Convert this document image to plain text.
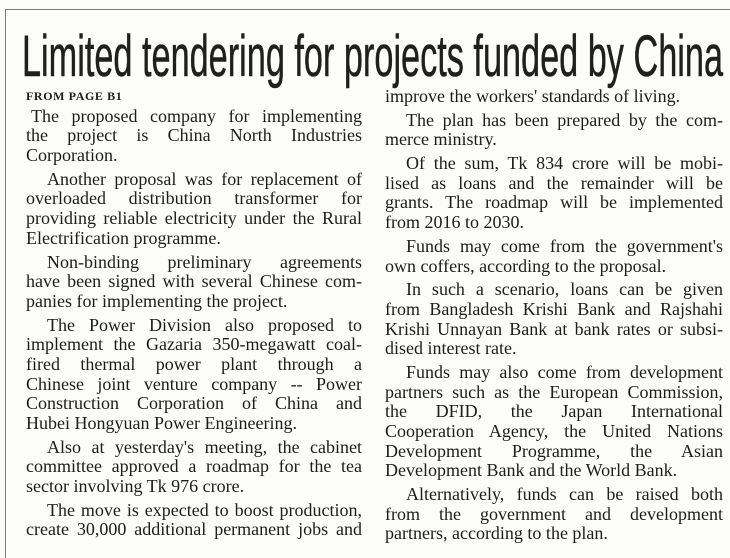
Limited tendering for projects funded by China
FROM PAGE B1
The proposed company for implementing
the project is China North Industries
Corporation.
Another proposal was for replacement of
overloaded distribution transformer for
providing reliable electricity under the Rural
Electrification programme.
Non-binding preliminary agreements
have been signed with several Chinese com-
panies for implementing the project.
The Power Division also proposed to
implement the Gazaria 350-megawatt coal-
fired thermal power plant through a
Chinese joint venture company -- Power
Construction Corporation of China and
Hubei Hongyuan Power Engineering.
Also at yesterday's meeting, the cabinet
committee approved a roadmap for the tea
sector involving Tk 976 crore.
The move is expected to boost production,
create 30,000 additional permanent jobs and
improve the workers' standards of living.
The plan has been prepared by the com-
merce ministry.
Of the sum, Tk 834 crore will be mobi-
lised as loans and the remainder will be
grants. The roadmap will be implemented
from 2016 to 2030.
Funds may come from the government's
own coffers, according to the proposal.
In such a scenario, loans can be given
from Bangladesh Krishi Bank and Rajshahi
Krishi Unnayan Bank at bank rates or subsi-
dised interest rate.
Funds may also come from development
partners such as the European Commission,
the DFID, the Japan International
Cooperation Agency, the United Nations
Development Programme, the Asian
Development Bank and the World Bank.
Alternatively, funds can be raised both
from the government and development
partners, according to the plan.
